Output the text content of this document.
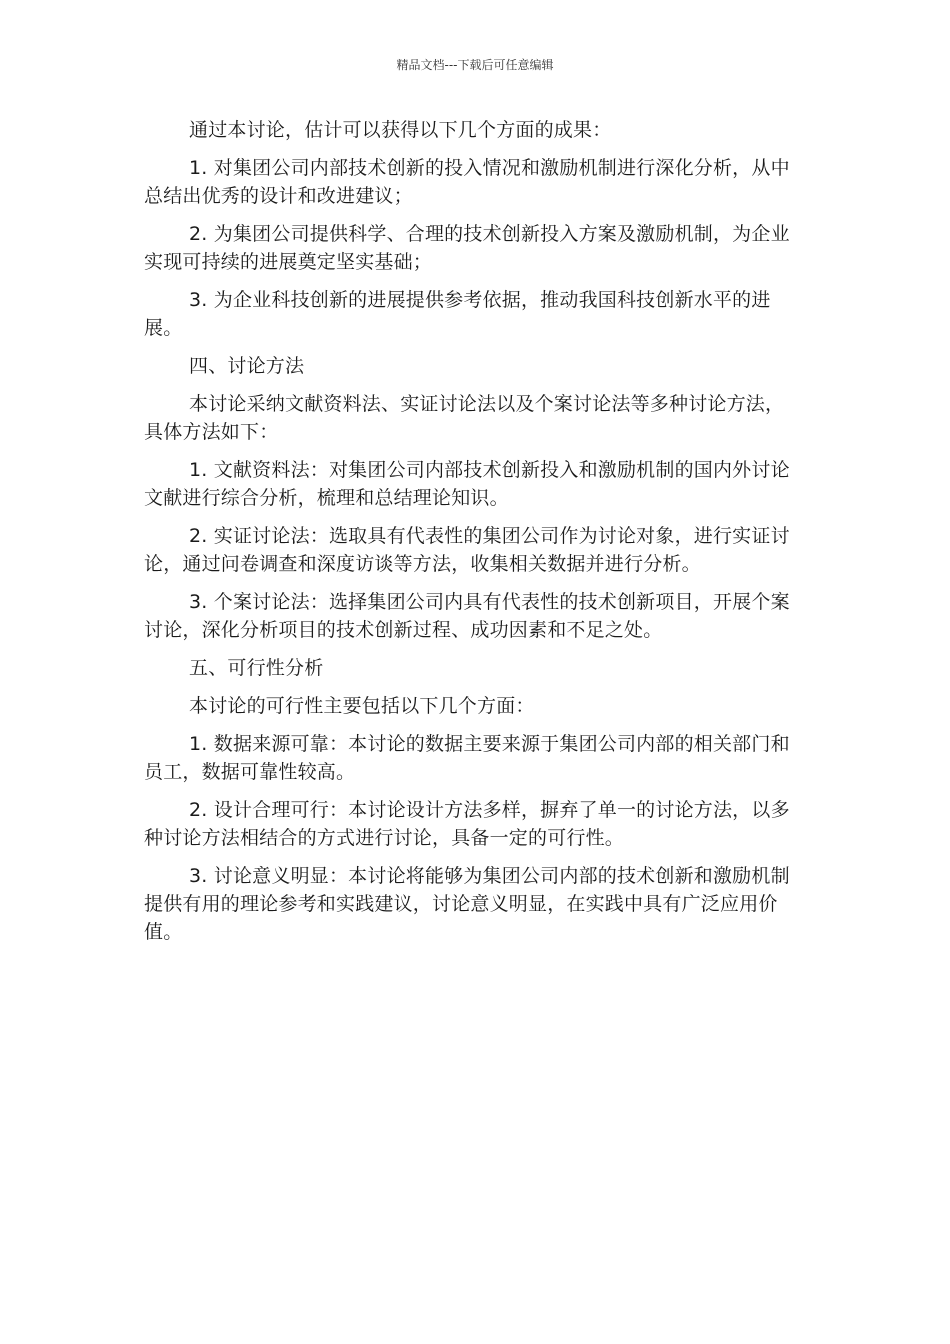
精品文档---下载后可任意编辑

通过本讨论，估计可以获得以下几个方面的成果：

1. 对集团公司内部技术创新的投入情况和激励机制进行深化分析，从中总结出优秀的设计和改进建议；

2. 为集团公司提供科学、合理的技术创新投入方案及激励机制，为企业实现可持续的进展奠定坚实基础；

3. 为企业科技创新的进展提供参考依据，推动我国科技创新水平的进展。

四、讨论方法

本讨论采纳文献资料法、实证讨论法以及个案讨论法等多种讨论方法，具体方法如下：

1. 文献资料法：对集团公司内部技术创新投入和激励机制的国内外讨论文献进行综合分析，梳理和总结理论知识。

2. 实证讨论法：选取具有代表性的集团公司作为讨论对象，进行实证讨论，通过问卷调查和深度访谈等方法，收集相关数据并进行分析。

3. 个案讨论法：选择集团公司内具有代表性的技术创新项目，开展个案讨论，深化分析项目的技术创新过程、成功因素和不足之处。

五、可行性分析

本讨论的可行性主要包括以下几个方面：

1. 数据来源可靠：本讨论的数据主要来源于集团公司内部的相关部门和员工，数据可靠性较高。

2. 设计合理可行：本讨论设计方法多样，摒弃了单一的讨论方法，以多种讨论方法相结合的方式进行讨论，具备一定的可行性。

3. 讨论意义明显：本讨论将能够为集团公司内部的技术创新和激励机制提供有用的理论参考和实践建议，讨论意义明显，在实践中具有广泛应用价值。
